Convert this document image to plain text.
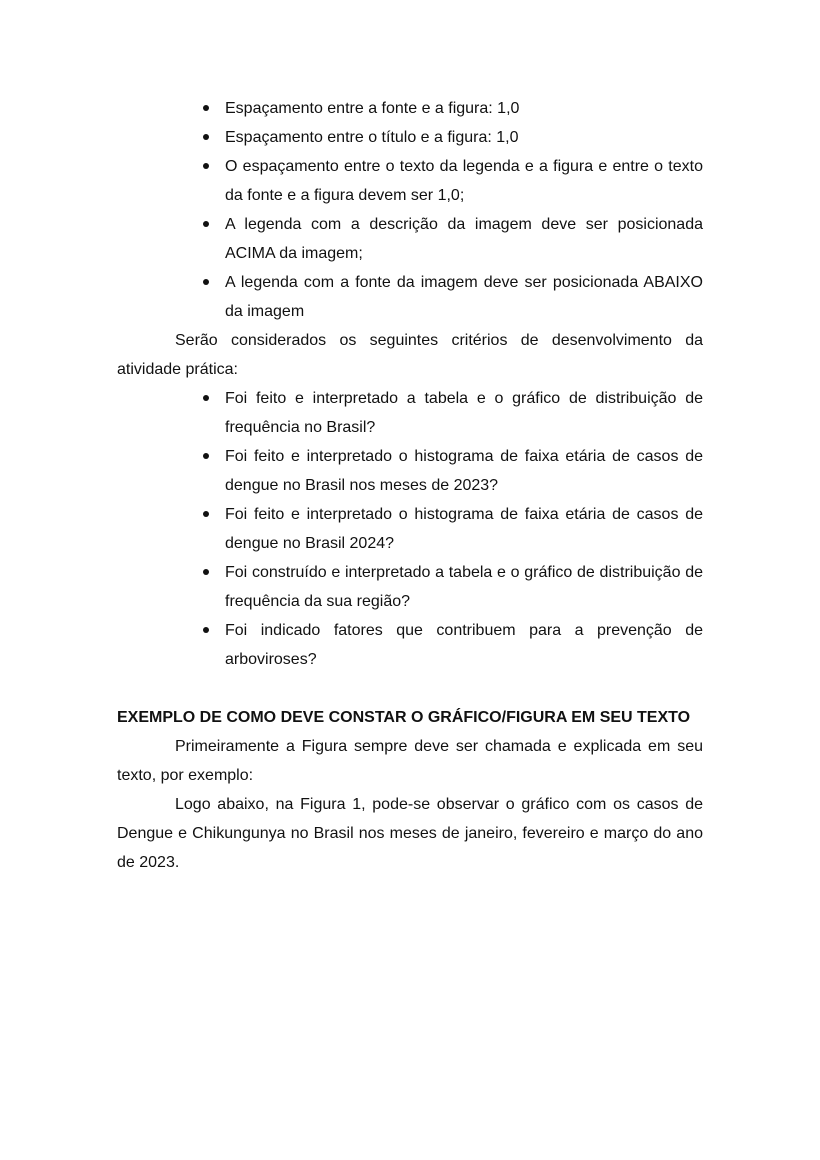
Espaçamento entre a fonte e a figura: 1,0
Espaçamento entre o título e a figura: 1,0
O espaçamento entre o texto da legenda e a figura e entre o texto da fonte e a figura devem ser 1,0;
A legenda com a descrição da imagem deve ser posicionada ACIMA da imagem;
A legenda com a fonte da imagem deve ser posicionada ABAIXO da imagem

Serão considerados os seguintes critérios de desenvolvimento da atividade prática:

Foi feito e interpretado a tabela e o gráfico de distribuição de frequência no Brasil?
Foi feito e interpretado o histograma de faixa etária de casos de dengue no Brasil nos meses de 2023?
Foi feito e interpretado o histograma de faixa etária de casos de dengue no Brasil 2024?
Foi construído e interpretado a tabela e o gráfico de distribuição de frequência da sua região?
Foi indicado fatores que contribuem para a prevenção de arboviroses?
EXEMPLO DE COMO DEVE CONSTAR O GRÁFICO/FIGURA EM SEU TEXTO

Primeiramente a Figura sempre deve ser chamada e explicada em seu texto, por exemplo:

Logo abaixo, na Figura 1, pode-se observar o gráfico com os casos de Dengue e Chikungunya no Brasil nos meses de janeiro, fevereiro e março do ano de 2023.
